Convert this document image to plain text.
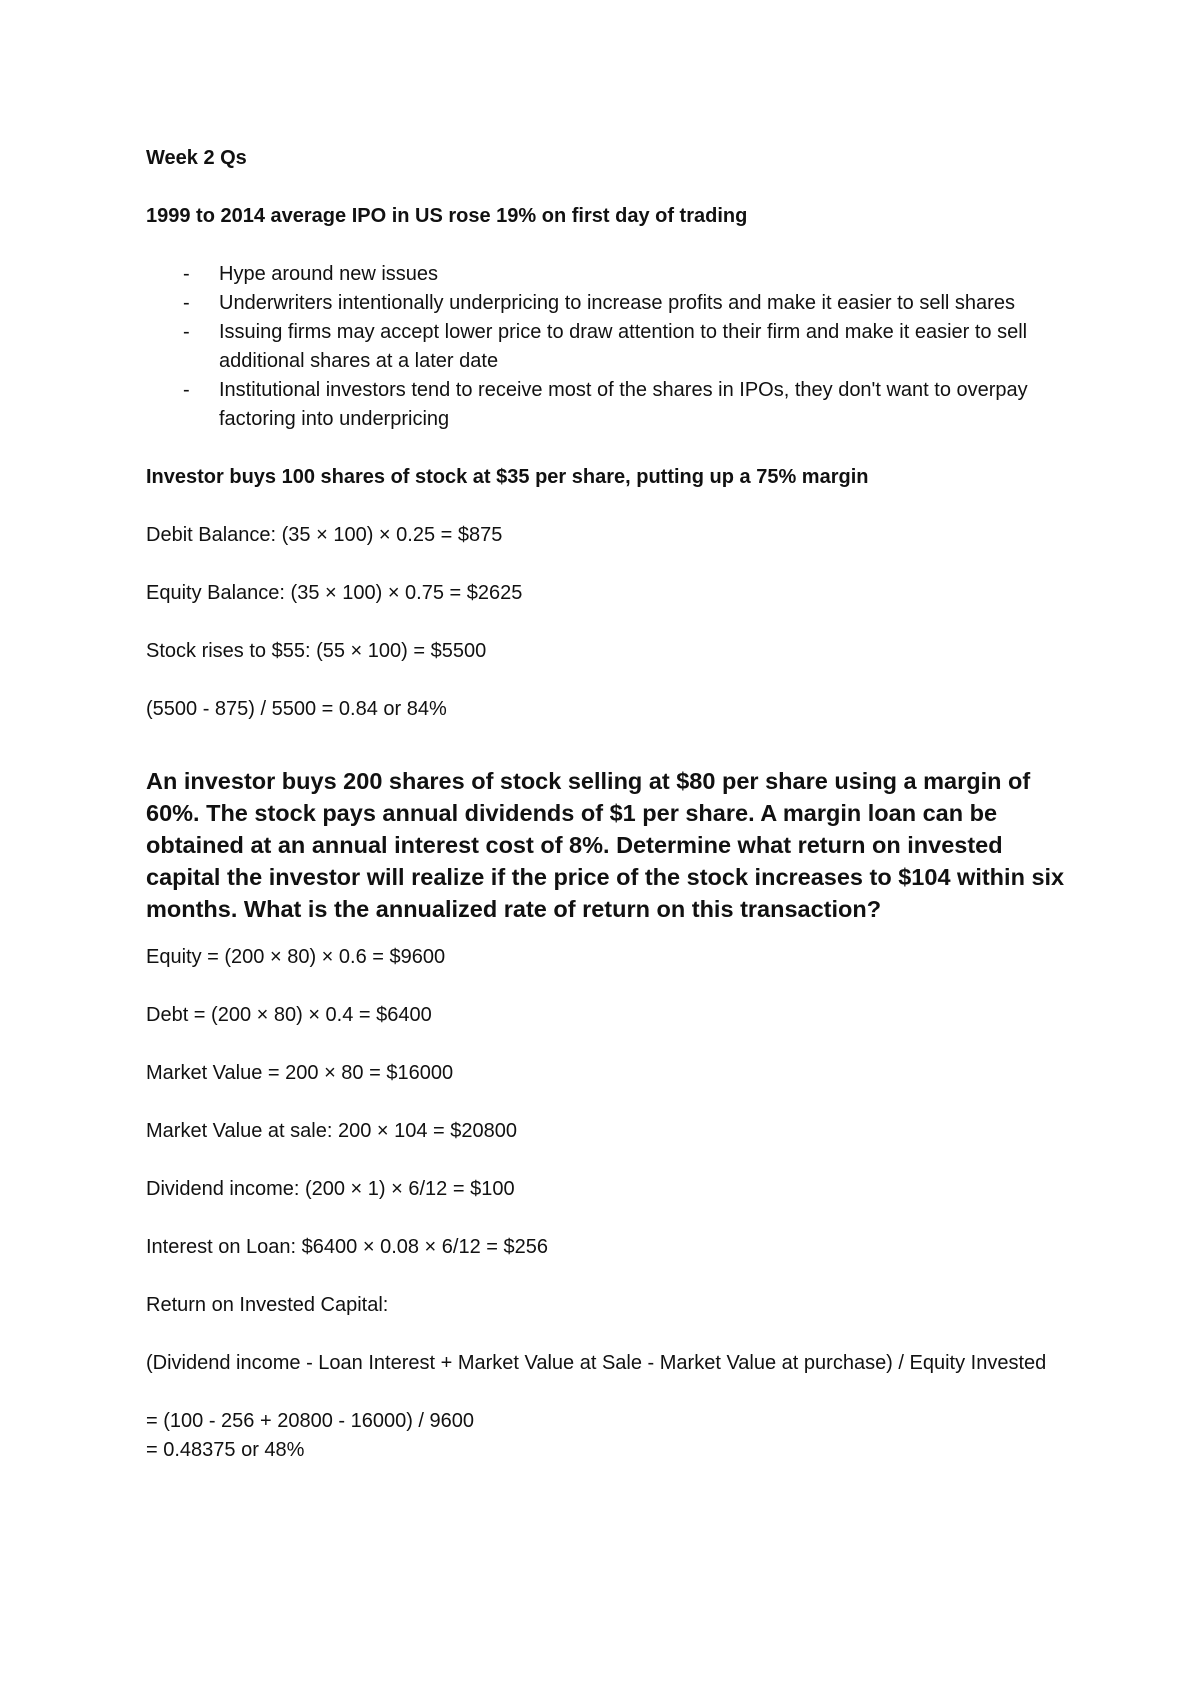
Week 2 Qs

1999 to 2014 average IPO in US rose 19% on first day of trading

- Hype around new issues
- Underwriters intentionally underpricing to increase profits and make it easier to sell shares
- Issuing firms may accept lower price to draw attention to their firm and make it easier to sell additional shares at a later date
- Institutional investors tend to receive most of the shares in IPOs, they don't want to overpay factoring into underpricing

Investor buys 100 shares of stock at $35 per share, putting up a 75% margin

Debit Balance: (35 × 100) × 0.25 = $875

Equity Balance: (35 × 100) × 0.75 = $2625

Stock rises to $55: (55 × 100) = $5500

(5500 - 875) / 5500 = 0.84 or 84%

An investor buys 200 shares of stock selling at $80 per share using a margin of 60%. The stock pays annual dividends of $1 per share. A margin loan can be obtained at an annual interest cost of 8%. Determine what return on invested capital the investor will realize if the price of the stock increases to $104 within six months. What is the annualized rate of return on this transaction?

Equity = (200 × 80) × 0.6 = $9600

Debt = (200 × 80) × 0.4 = $6400

Market Value = 200 × 80 = $16000

Market Value at sale: 200 × 104 = $20800

Dividend income: (200 × 1) × 6/12 = $100

Interest on Loan: $6400 × 0.08 × 6/12 = $256

Return on Invested Capital:

(Dividend income - Loan Interest + Market Value at Sale - Market Value at purchase) / Equity Invested

= (100 - 256 + 20800 - 16000) / 9600

= 0.48375 or 48%
